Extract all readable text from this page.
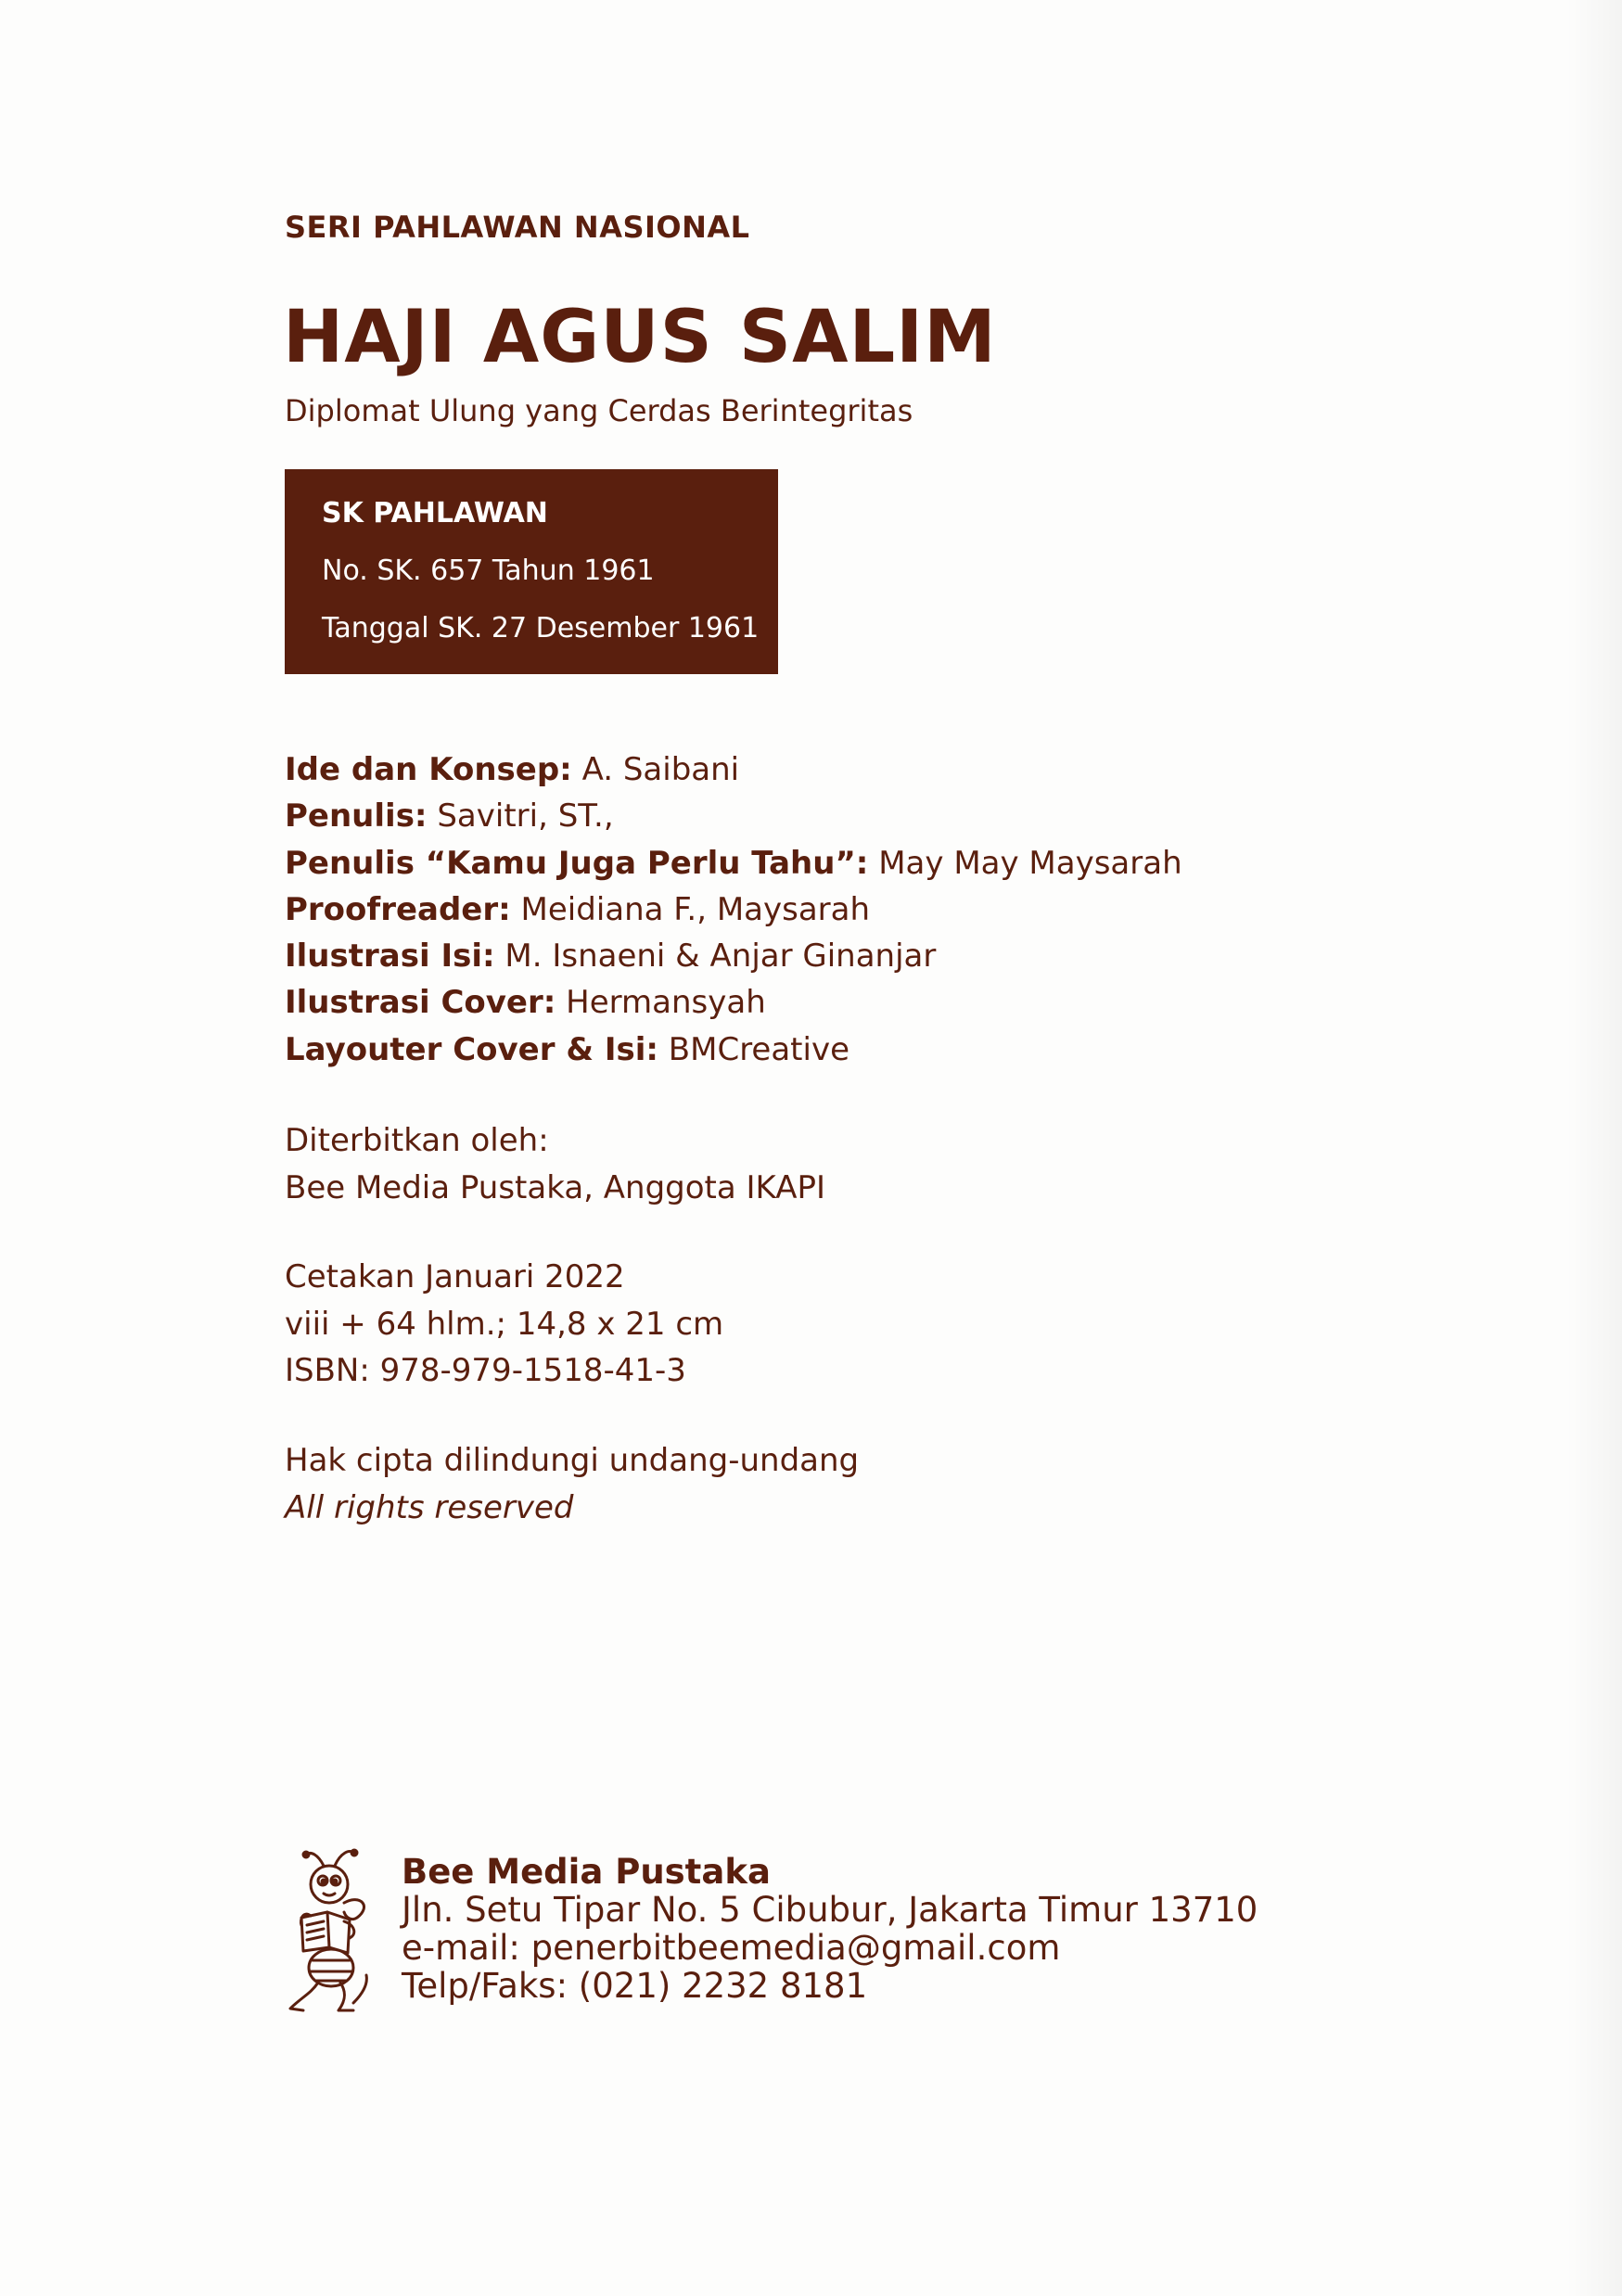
SERI PAHLAWAN NASIONAL
HAJI AGUS SALIM
Diplomat Ulung yang Cerdas Berintegritas
SK PAHLAWAN
No. SK. 657 Tahun 1961
Tanggal SK. 27 Desember 1961
Ide dan Konsep: A. Saibani
Penulis: Savitri, ST.,
Penulis “Kamu Juga Perlu Tahu”: May May Maysarah
Proofreader: Meidiana F., Maysarah
Ilustrasi Isi: M. Isnaeni & Anjar Ginanjar
Ilustrasi Cover: Hermansyah
Layouter Cover & Isi: BMCreative
Diterbitkan oleh:
Bee Media Pustaka, Anggota IKAPI
Cetakan Januari 2022
viii + 64 hlm.; 14,8 x 21 cm
ISBN: 978-979-1518-41-3
Hak cipta dilindungi undang-undang
All rights reserved
Bee Media Pustaka
Jln. Setu Tipar No. 5 Cibubur, Jakarta Timur 13710
e-mail: penerbitbeemedia@gmail.com
Telp/Faks: (021) 2232 8181
